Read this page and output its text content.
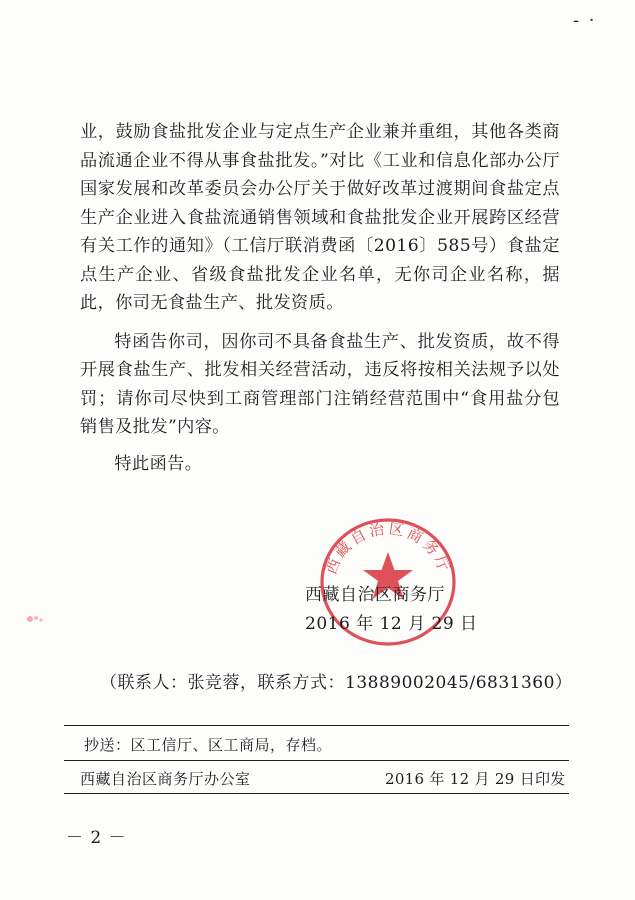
- ·

业，鼓励食盐批发企业与定点生产企业兼并重组，其他各类商品流通企业不得从事食盐批发。”对比《工业和信息化部办公厅 国家发展和改革委员会办公厅关于做好改革过渡期间食盐定点生产企业进入食盐流通销售领域和食盐批发企业开展跨区经营有关工作的通知》（工信厅联消费函〔2016〕585号）食盐定点生产企业、省级食盐批发企业名单，无你司企业名称，据此，你司无食盐生产、批发资质。

特函告你司，因你司不具备食盐生产、批发资质，故不得开展食盐生产、批发相关经营活动，违反将按相关法规予以处罚；请你司尽快到工商管理部门注销经营范围中“食用盐分包销售及批发”内容。

特此函告。

西藏自治区商务厅
西藏自治区商务厅
2016 年 12 月 29 日
（联系人：张竞蓉，联系方式：13889002045/6831360）
抄送：区工信厅、区工商局，存档。
西藏自治区商务厅办公室	2016 年 12 月 29 日印发
－ 2 －
